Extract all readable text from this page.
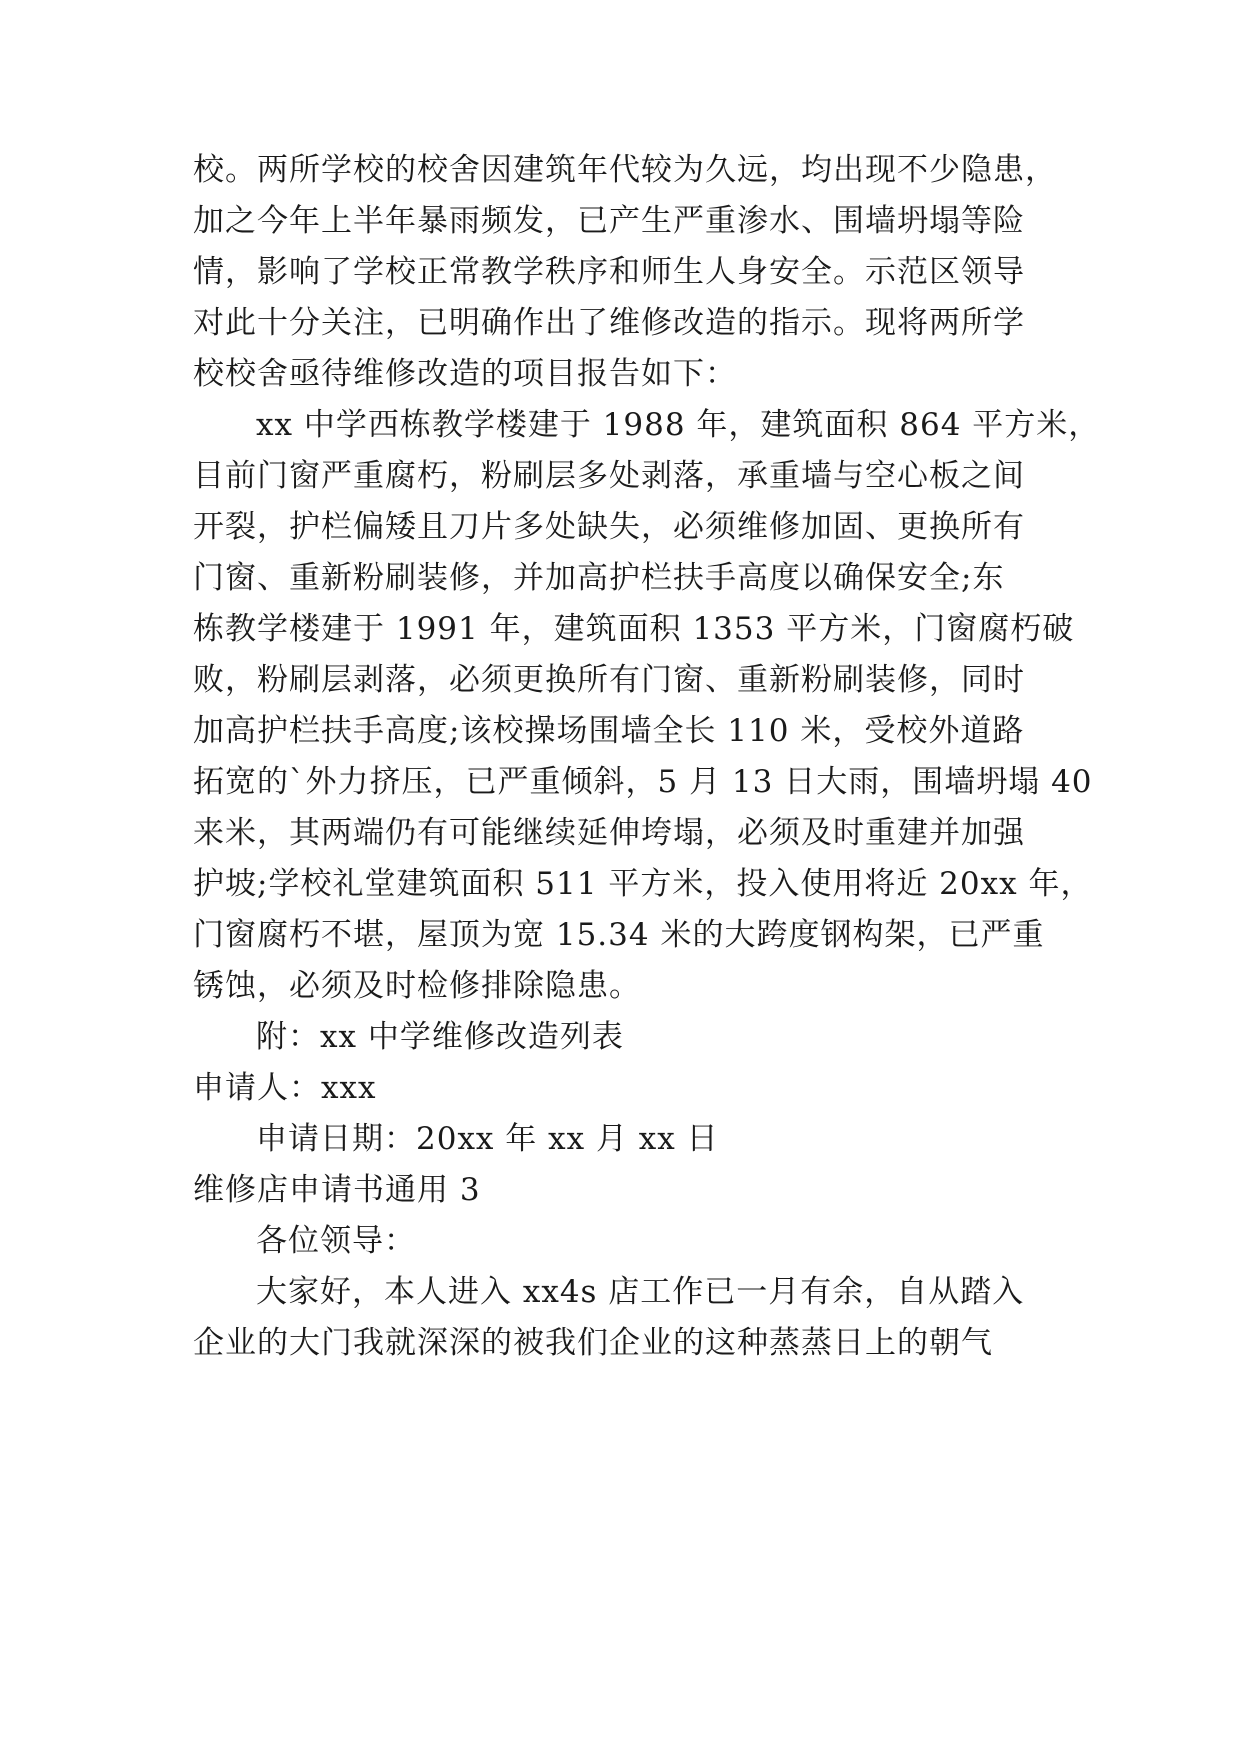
校。两所学校的校舍因建筑年代较为久远，均出现不少隐患，
加之今年上半年暴雨频发，已产生严重渗水、围墙坍塌等险
情，影响了学校正常教学秩序和师生人身安全。示范区领导
对此十分关注，已明确作出了维修改造的指示。现将两所学
校校舍亟待维修改造的项目报告如下：
xx 中学西栋教学楼建于 1988 年，建筑面积 864 平方米，
目前门窗严重腐朽，粉刷层多处剥落，承重墙与空心板之间
开裂，护栏偏矮且刀片多处缺失，必须维修加固、更换所有
门窗、重新粉刷装修，并加高护栏扶手高度以确保安全;东
栋教学楼建于 1991 年，建筑面积 1353 平方米，门窗腐朽破
败，粉刷层剥落，必须更换所有门窗、重新粉刷装修，同时
加高护栏扶手高度;该校操场围墙全长 110 米，受校外道路
拓宽的`外力挤压，已严重倾斜，5 月 13 日大雨，围墙坍塌 40
来米，其两端仍有可能继续延伸垮塌，必须及时重建并加强
护坡;学校礼堂建筑面积 511 平方米，投入使用将近 20xx 年，
门窗腐朽不堪，屋顶为宽 15.34 米的大跨度钢构架，已严重
锈蚀，必须及时检修排除隐患。
附：xx 中学维修改造列表
申请人：xxx
申请日期：20xx 年 xx 月 xx 日
维修店申请书通用 3
各位领导：
大家好，本人进入 xx4s 店工作已一月有余，自从踏入
企业的大门我就深深的被我们企业的这种蒸蒸日上的朝气
